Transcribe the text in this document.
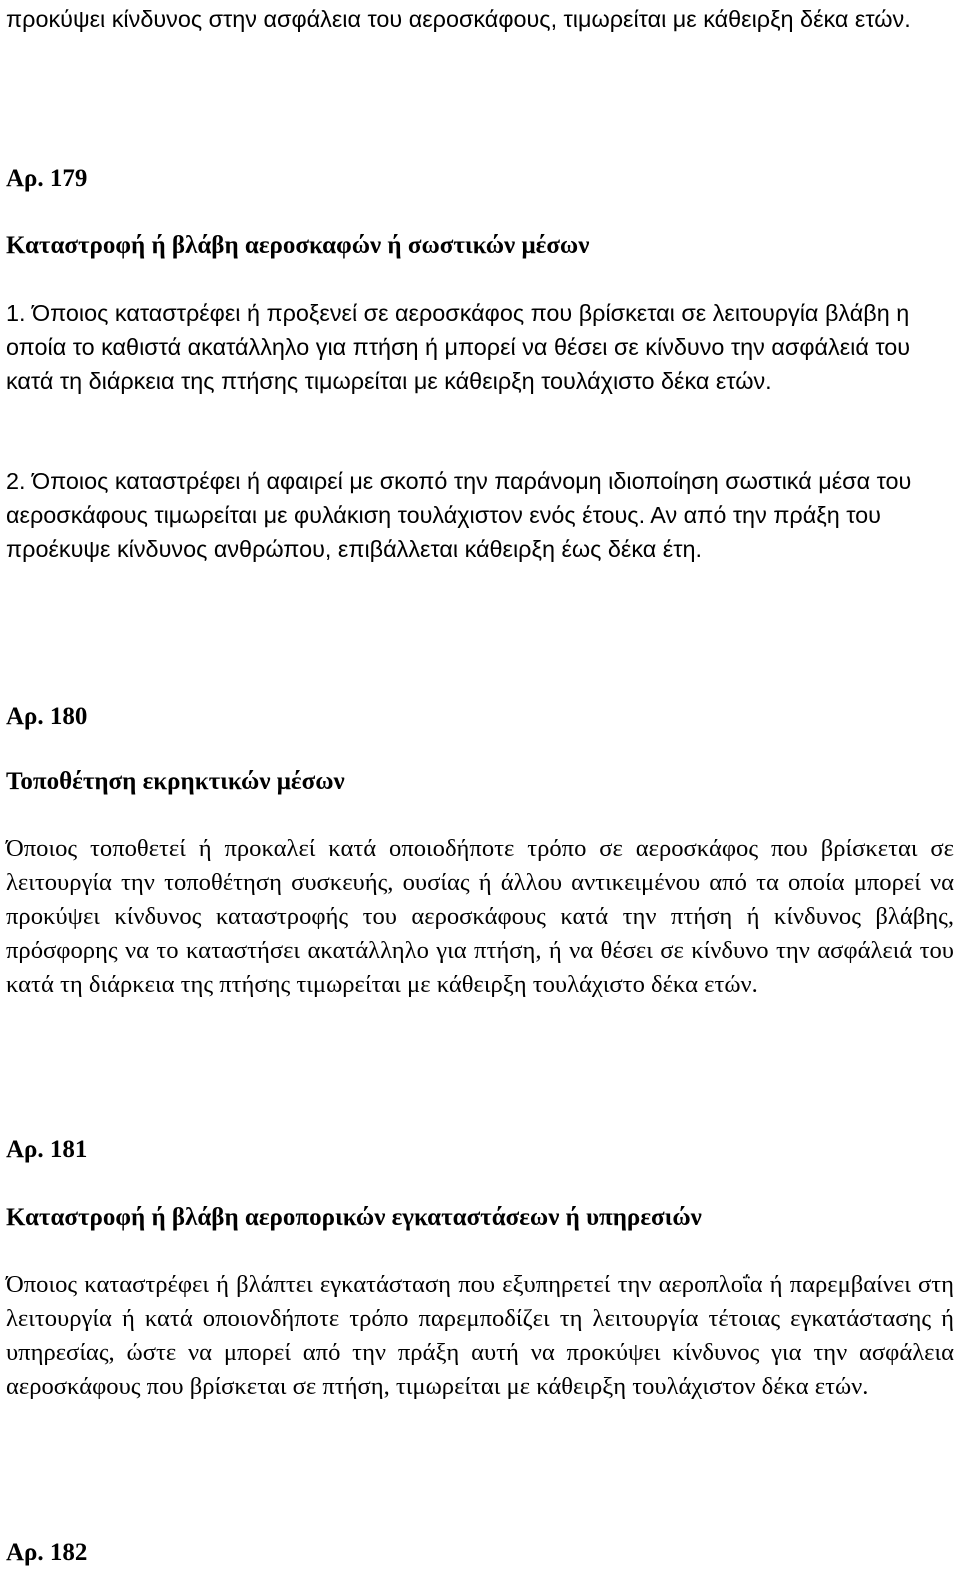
προκύψει κίνδυνος στην ασφάλεια του αεροσκάφους, τιμωρείται με κάθειρξη δέκα ετών.

Αρ. 179

Καταστροφή ή βλάβη αεροσκαφών ή σωστικών μέσων

1. Όποιος καταστρέφει ή προξενεί σε αεροσκάφος που βρίσκεται σε λειτουργία βλάβη η οποία το καθιστά ακατάλληλο για πτήση ή μπορεί να θέσει σε κίνδυνο την ασφάλειά του κατά τη διάρκεια της πτήσης τιμωρείται με κάθειρξη τουλάχιστο δέκα ετών.

2. Όποιος καταστρέφει ή αφαιρεί με σκοπό την παράνομη ιδιοποίηση σωστικά μέσα του αεροσκάφους τιμωρείται με φυλάκιση τουλάχιστον ενός έτους. Αν από την πράξη του προέκυψε κίνδυνος ανθρώπου, επιβάλλεται κάθειρξη έως δέκα έτη.

Αρ. 180

Τοποθέτηση εκρηκτικών μέσων

Όποιος τοποθετεί ή προκαλεί κατά οποιοδήποτε τρόπο σε αεροσκάφος που βρίσκεται σε λειτουργία την τοποθέτηση συσκευής, ουσίας ή άλλου αντικειμένου από τα οποία μπορεί να προκύψει κίνδυνος καταστροφής του αεροσκάφους κατά την πτήση ή κίνδυνος βλάβης, πρόσφορης να το καταστήσει ακατάλληλο για πτήση, ή να θέσει σε κίνδυνο την ασφάλειά του κατά τη διάρκεια της πτήσης τιμωρείται με κάθειρξη τουλάχιστο δέκα ετών.

Αρ. 181

Καταστροφή ή βλάβη αεροπορικών εγκαταστάσεων ή υπηρεσιών

Όποιος καταστρέφει ή βλάπτει εγκατάσταση που εξυπηρετεί την αεροπλοΐα ή παρεμβαίνει στη λειτουργία ή κατά οποιονδήποτε τρόπο παρεμποδίζει τη λειτουργία τέτοιας εγκατάστασης ή υπηρεσίας, ώστε να μπορεί από την πράξη αυτή να προκύψει κίνδυνος για την ασφάλεια αεροσκάφους που βρίσκεται σε πτήση, τιμωρείται με κάθειρξη τουλάχιστον δέκα ετών.

Αρ. 182
